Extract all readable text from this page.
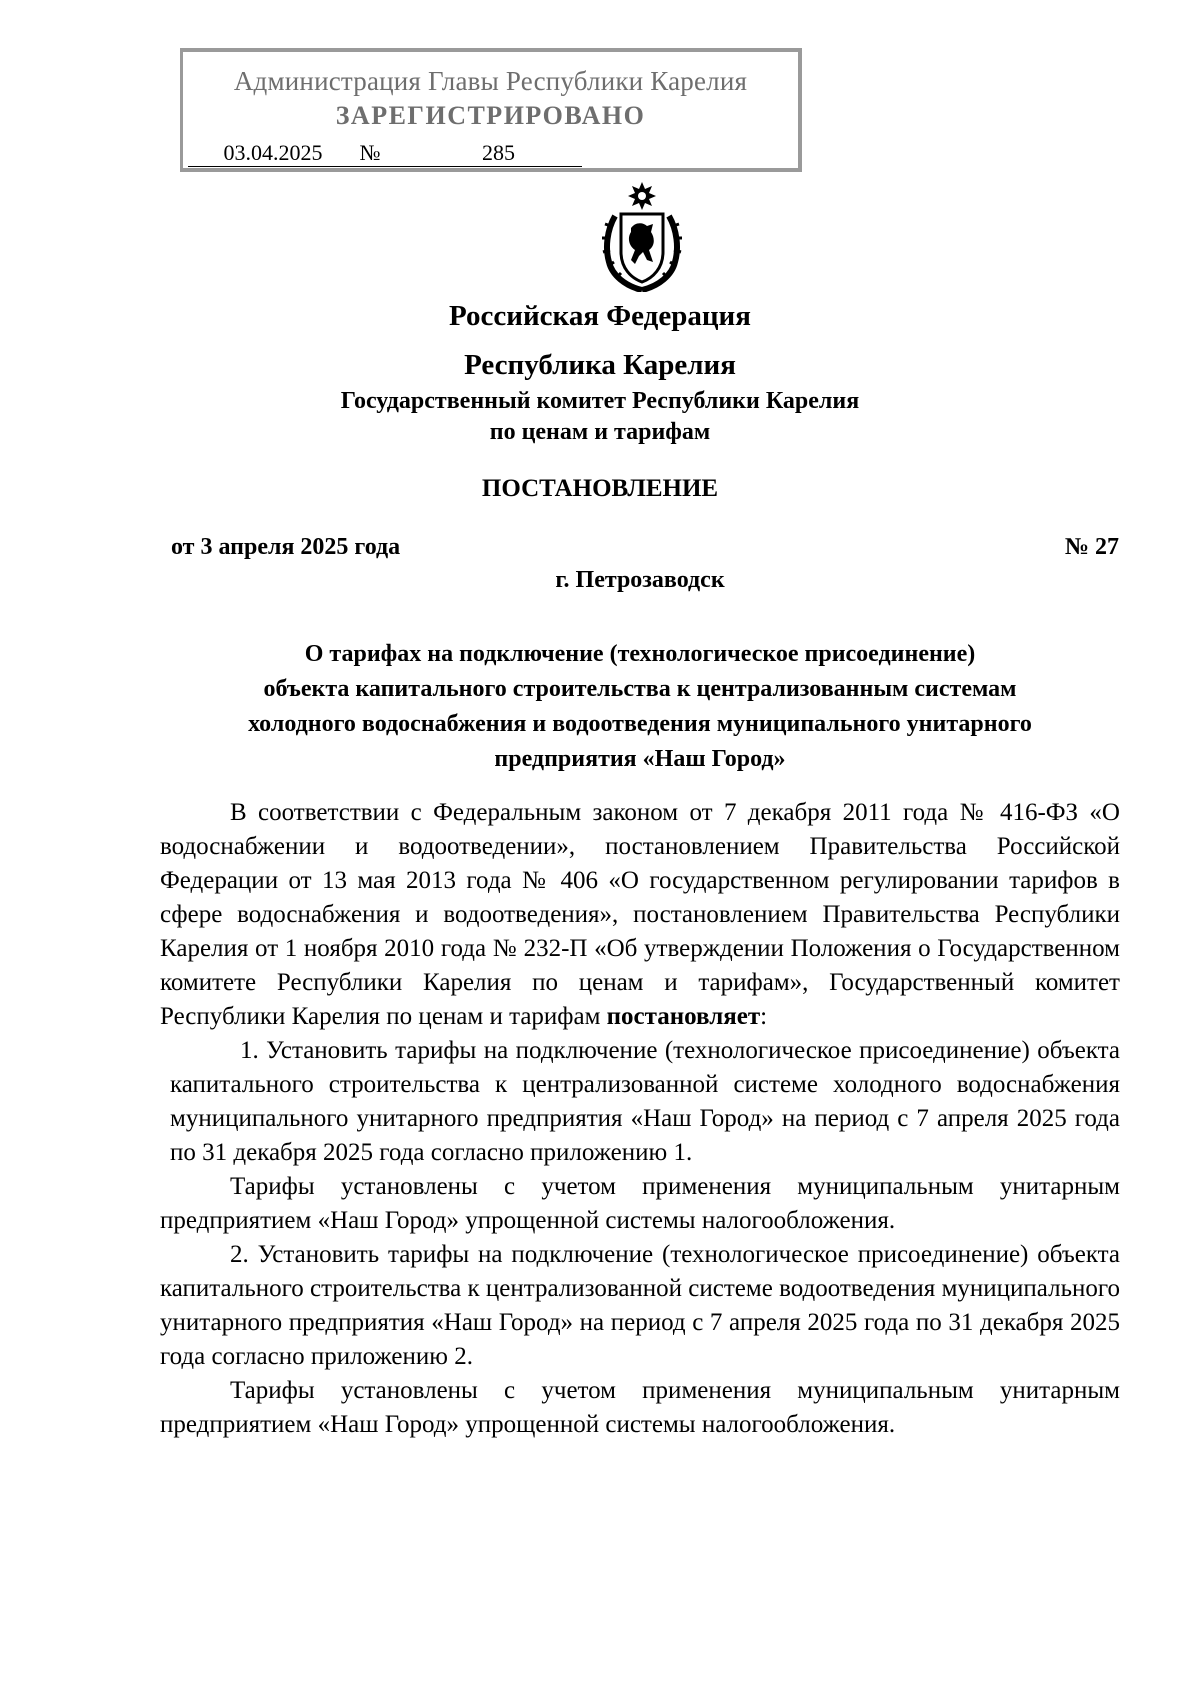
Администрация Главы Республики Карелия
ЗАРЕГИСТРИРОВАНО
03.04.2025 №	285
Российская Федерация
Республика Карелия
Государственный комитет Республики Карелия
по ценам и тарифам
ПОСТАНОВЛЕНИЕ
от 3 апреля 2025 года	№ 27
г. Петрозаводск
О тарифах на подключение (технологическое присоединение)
объекта капитального строительства к централизованным системам
холодного водоснабжения и водоотведения муниципального унитарного
предприятия «Наш Город»

В соответствии с Федеральным законом от 7 декабря 2011 года № 416-ФЗ «О водоснабжении и водоотведении», постановлением Правительства Российской Федерации от 13 мая 2013 года № 406 «О государственном регулировании тарифов в сфере водоснабжения и водоотведения», постановлением Правительства Республики Карелия от 1 ноября 2010 года № 232-П «Об утверждении Положения о Государственном комитете Республики Карелия по ценам и тарифам», Государственный комитет Республики Карелия по ценам и тарифам постановляет:

1. Установить тарифы на подключение (технологическое присоединение) объекта капитального строительства к централизованной системе холодного водоснабжения муниципального унитарного предприятия «Наш Город» на период с 7 апреля 2025 года по 31 декабря 2025 года согласно приложению 1.

Тарифы установлены с учетом применения муниципальным унитарным предприятием «Наш Город» упрощенной системы налогообложения.

2. Установить тарифы на подключение (технологическое присоединение) объекта капитального строительства к централизованной системе водоотведения муниципального унитарного предприятия «Наш Город» на период с 7 апреля 2025 года по 31 декабря 2025 года согласно приложению 2.

Тарифы установлены с учетом применения муниципальным унитарным предприятием «Наш Город» упрощенной системы налогообложения.
